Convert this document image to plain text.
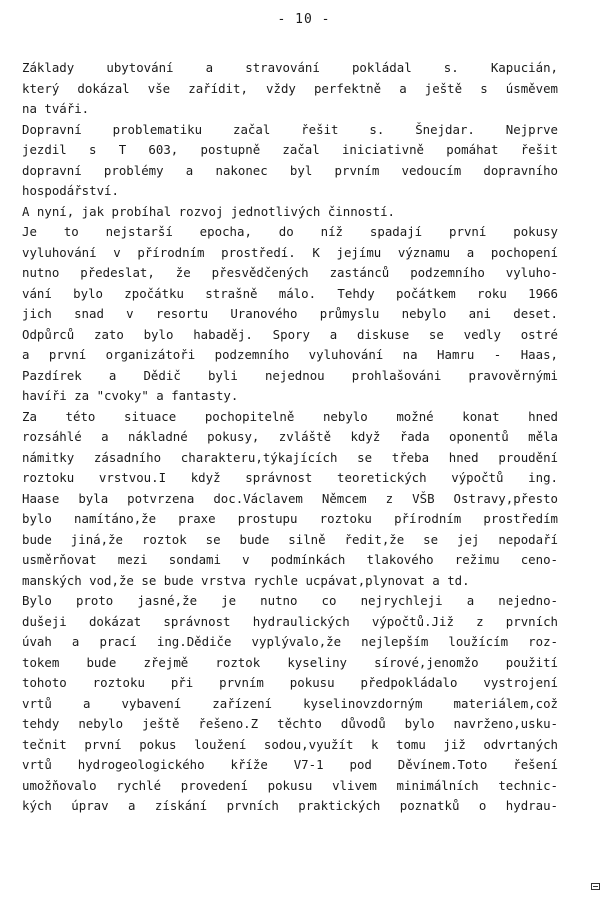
- 10 -
Základy ubytování a stravování pokládal s. Kapucián,
který dokázal vše zařídit, vždy perfektně a ještě s úsměvem
na tváři.
Dopravní problematiku začal řešit s. Šnejdar. Nejprve
jezdil s T 603, postupně začal iniciativně pomáhat řešit
dopravní problémy a nakonec byl prvním vedoucím dopravního
hospodářství.
A nyní, jak probíhal rozvoj jednotlivých činností.
Je to nejstarší epocha, do níž spadají první pokusy
vyluhování v přírodním prostředí. K jejímu významu a pochopení
nutno předeslat, že přesvědčených zastánců podzemního vyluho-
vání bylo zpočátku strašně málo. Tehdy počátkem roku 1966
jich snad v resortu Uranového průmyslu nebylo ani deset.
Odpůrců zato bylo habaděj. Spory a diskuse se vedly ostré
a první organizátoři podzemního vyluhování na Hamru - Haas,
Pazdírek a Dědič byli nejednou prohlašováni pravověrnými
havíři za "cvoky" a fantasty.
Za této situace pochopitelně nebylo možné konat hned
rozsáhlé a nákladné pokusy, zvláště když řada oponentů měla
námitky zásadního charakteru,týkajících se třeba hned proudění
roztoku vrstvou.I když správnost teoretických výpočtů ing.
Haase byla potvrzena doc.Václavem Němcem z VŠB Ostravy,přesto
bylo namítáno,že praxe prostupu roztoku přírodním prostředím
bude jiná,že roztok se bude silně ředit,že se jej nepodaří
usměrňovat mezi sondami v podmínkách tlakového režimu ceno-
manských vod,že se bude vrstva rychle ucpávat,plynovat a td.
Bylo proto jasné,že je nutno co nejrychleji a nejedno-
dušeji dokázat správnost hydraulických výpočtů.Již z prvních
úvah a prací ing.Dědiče vyplývalo,že nejlepším loužícím roz-
tokem bude zřejmě roztok kyseliny sírové,jenomžo použití
tohoto roztoku při prvním pokusu předpokládalo vystrojení
vrtů a vybavení zařízení kyselinovzdorným materiálem,což
tehdy nebylo ještě řešeno.Z těchto důvodů bylo navrženo,usku-
tečnit první pokus loužení sodou,využít k tomu již odvrtaných
vrtů hydrogeologického kříže V7-1 pod Děvínem.Toto řešení
umožňovalo rychlé provedení pokusu vlivem minimálních technic-
kých úprav a získání prvních praktických poznatků o hydrau-
